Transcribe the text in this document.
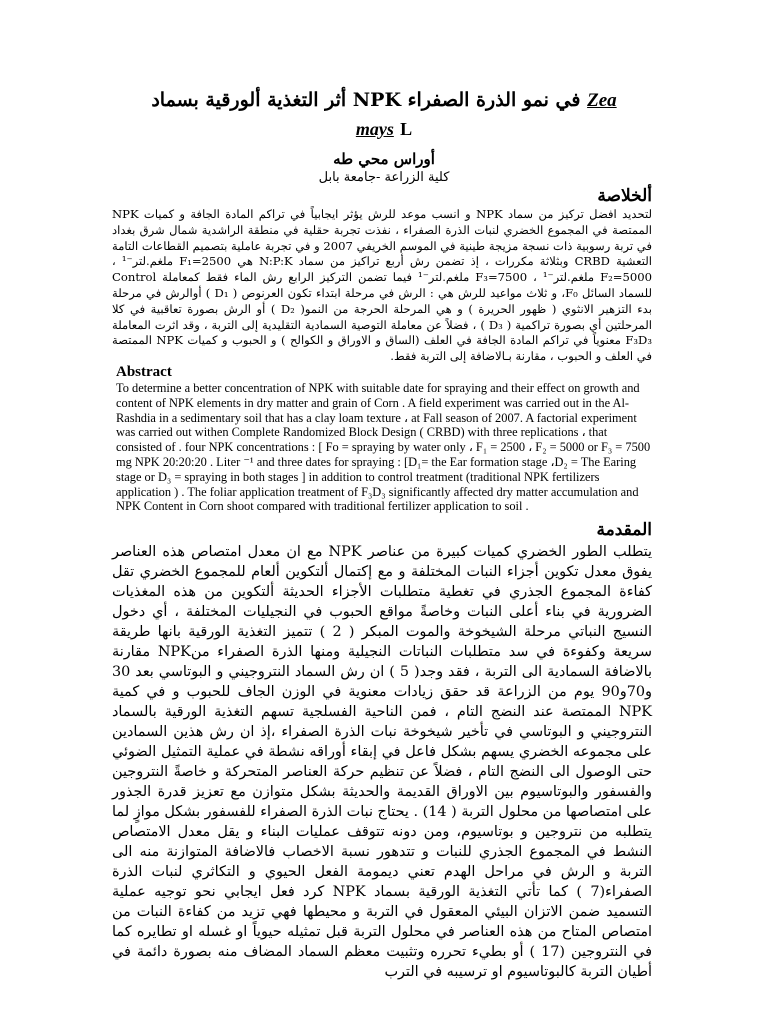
أثر التغذية ألورقية بسماد NPK في نمو الذرة الصفراء Zea
mays L
أوراس محي طه
كلية الزراعة -جامعة بابل
ألخلاصة
لتحديد افضل تركيز من سماد NPK و انسب موعد للرش يؤثر ايجابياً في تراكم المادة الجافة و كميات NPK الممتصة في المجموع الخضري لنبات الذرة الصفراء ، نفذت تجربة حقلية في منطقة الراشدية شمال شرق بغداد في تربة رسوبية ذات نسجة مزيجة طينية في الموسم الخريفي 2007 و في تجربة عاملية بتصميم القطاعات التامة التعشية CRBD وبثلاثة مكررات ، إذ تضمن رش أربع تراكيز من سماد N:P:K هي F₁=2500 ملغم.لتر⁻¹ ، F₂=5000 ملغم.لتر⁻¹ ، F₃=7500 ملغم.لتر⁻¹ فيما تضمن التركيز الرابع رش الماء فقط كمعاملة Control للسماد السائل F₀، و ثلاث مواعيد للرش هي : الرش في مرحلة ابتداء تكون العرنوص ( D₁ ) أوالرش في مرحلة بدء التزهير الانثوي ( ظهور الحريرة ) و هي المرحلة الحرجة من النمو( D₂ ) أو الرش بصورة تعاقبية في كلا المرحلتين أي بصورة تراكمية ( D₃ ) ، فضلاً عن معاملة التوصية السمادية التقليدية إلى التربة ، وقد اثرت المعاملة F₃D₃ معنوياً في تراكم المادة الجافة في العلف (الساق و الاوراق و الكوالح ) و الحبوب و كميات NPK الممتصة في العلف و الحبوب ، مقارنة بـالاضافة إلى التربة فقط.
Abstract
To determine a better concentration of NPK with suitable date for spraying and their effect on growth and content of NPK elements in dry matter and grain of Corn . A field experiment was carried out in the Al-Rashdia in a sedimentary soil that has a clay loam texture ، at Fall season of 2007. A factorial experiment was carried out withen Complete Randomized Block Design ( CRBD) with three replications ، that consisted of . four NPK concentrations : [ Fo = spraying by water only ، F₁ = 2500 ، F₂ = 5000 or F₃ = 7500 mg NPK 20:20:20 . Liter ⁻¹ and three dates for spraying : [D₁= the Ear formation stage ،D₂ = The Earing stage or D₃ = spraying in both stages ] in addition to control treatment (traditional NPK fertilizers application ) . The foliar application treatment of F₃D₃ significantly affected dry matter accumulation and NPK Content in Corn shoot compared with traditional fertilizer application to soil .
المقدمة
يتطلب الطور الخضري كميات كبيرة من عناصر NPK مع ان معدل امتصاص هذه العناصر يفوق معدل تكوين أجزاء النبات المختلفة و مع إكتمال ألتكوين ألعام للمجموع الخضري تقل كفاءة المجموع الجذري في تغطية متطلبات الأجزاء الحديثة ألتكوين من هذه المغذيات الضرورية في بناء أعلى النبات وخاصةً مواقع الحبوب في النجيليات المختلفة ، أي دخول النسيج النباتي مرحلة الشيخوخة والموت المبكر ( 2 ) تتميز التغذية الورقية بانها طريقة سريعة وكفوءة في سد متطلبات النباتات النجيلية ومنها الذرة الصفراء منNPK مقارنة بالاضافة السمادية الى التربة ، فقد وجد( 5 ) ان رش السماد النتروجيني و البوتاسي بعد 30 و70و90 يوم من الزراعة قد حقق زيادات معنوية في الوزن الجاف للحبوب و في كمية NPK الممتصة عند النضج التام ، فمن الناحية الفسلجية تسهم التغذية الورقية بالسماد النتروجيني و البوتاسي في تأخير شيخوخة نبات الذرة الصفراء ،إذ ان رش هذين السمادين على مجموعه الخضري يسهم بشكل فاعل في إبقاء أوراقه نشطة في عملية التمثيل الضوئي حتى الوصول الى النضج التام ، فضلاً عن تنظيم حركة العناصر المتحركة و خاصةً النتروجين والفسفور والبوتاسيوم بين الاوراق القديمة والحديثة بشكل متوازن مع تعزيز قدرة الجذور على امتصاصها من محلول التربة ( 14) . يحتاج نبات الذرة الصفراء للفسفور بشكل موازٍ لما يتطلبه من نتروجين و بوتاسيوم، ومن دونه تتوقف عمليات البناء و يقل معدل الامتصاص النشط في المجموع الجذري للنبات و تتدهور نسبة الاخصاب فالاضافة المتوازنة منه الى التربة و الرش في مراحل الهدم تعني ديمومة الفعل الحيوي و التكاثري لنبات الذرة الصفراء(7 ) كما تأتي التغذية الورقية بسماد NPK كرد فعل ايجابي نحو توجيه عملية التسميد ضمن الاتزان البيئي المعقول في التربة و محيطها فهي تزيد من كفاءة النبات من امتصاص المتاح من هذه العناصر في محلول التربة قبل تمثيله حيوياً او غسله او تطايره كما في النتروجين (17 ) أو بطيء تحرره وتثبيت معظم السماد المضاف منه بصورة دائمة في أطيان التربة كالبوتاسيوم او ترسيبه في الترب
